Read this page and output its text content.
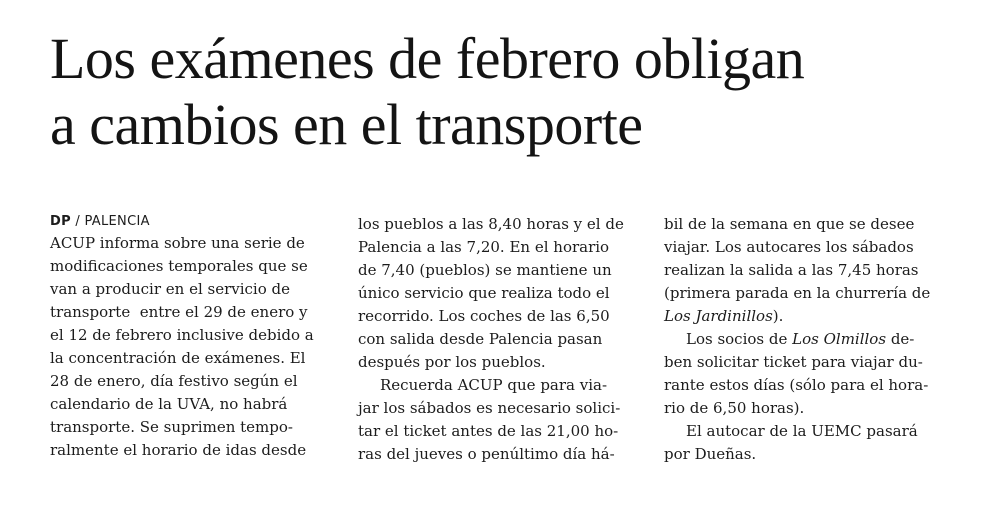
Los exámenes de febrero obligan
a cambios en el transporte
DP / PALENCIA

ACUP informa sobre una serie de
modificaciones temporales que se
van a producir en el servicio de
transporte  entre el 29 de enero y
el 12 de febrero inclusive debido a
la concentración de exámenes. El
28 de enero, día festivo según el
calendario de la UVA, no habrá
transporte. Se suprimen tempo-
ralmente el horario de idas desde

los pueblos a las 8,40 horas y el de
Palencia a las 7,20. En el horario
de 7,40 (pueblos) se mantiene un
único servicio que realiza todo el
recorrido. Los coches de las 6,50
con salida desde Palencia pasan
después por los pueblos.

Recuerda ACUP que para via-
jar los sábados es necesario solici-
tar el ticket antes de las 21,00 ho-
ras del jueves o penúltimo día há-

bil de la semana en que se desee
viajar. Los autocares los sábados
realizan la salida a las 7,45 horas
(primera parada en la churrería de
Los Jardinillos).

Los socios de Los Olmillos de-
ben solicitar ticket para viajar du-
rante estos días (sólo para el hora-
rio de 6,50 horas).

El autocar de la UEMC pasará
por Dueñas.
